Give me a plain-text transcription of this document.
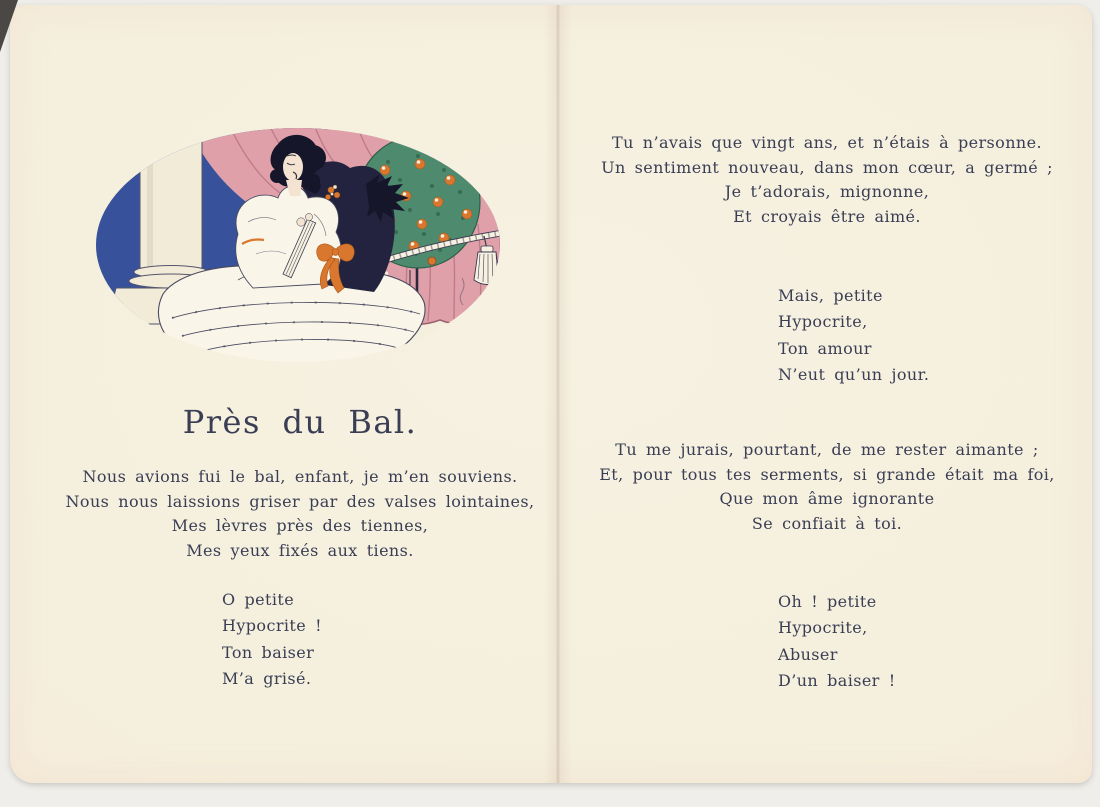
Près du Bal.
Nous avions fui le bal, enfant, je m’en souviens.
Nous nous laissions griser par des valses lointaines,
Mes lèvres près des tiennes,
Mes yeux fixés aux tiens.
O petite
Hypocrite !
Ton baiser
M’a grisé.
Tu n’avais que vingt ans, et n’étais à personne.
Un sentiment nouveau, dans mon cœur, a germé ;
Je t’adorais, mignonne,
Et croyais être aimé.
Mais, petite
Hypocrite,
Ton amour
N’eut qu’un jour.
Tu me jurais, pourtant, de me rester aimante ;
Et, pour tous tes serments, si grande était ma foi,
Que mon âme ignorante
Se confiait à toi.
Oh ! petite
Hypocrite,
Abuser
D’un baiser !
